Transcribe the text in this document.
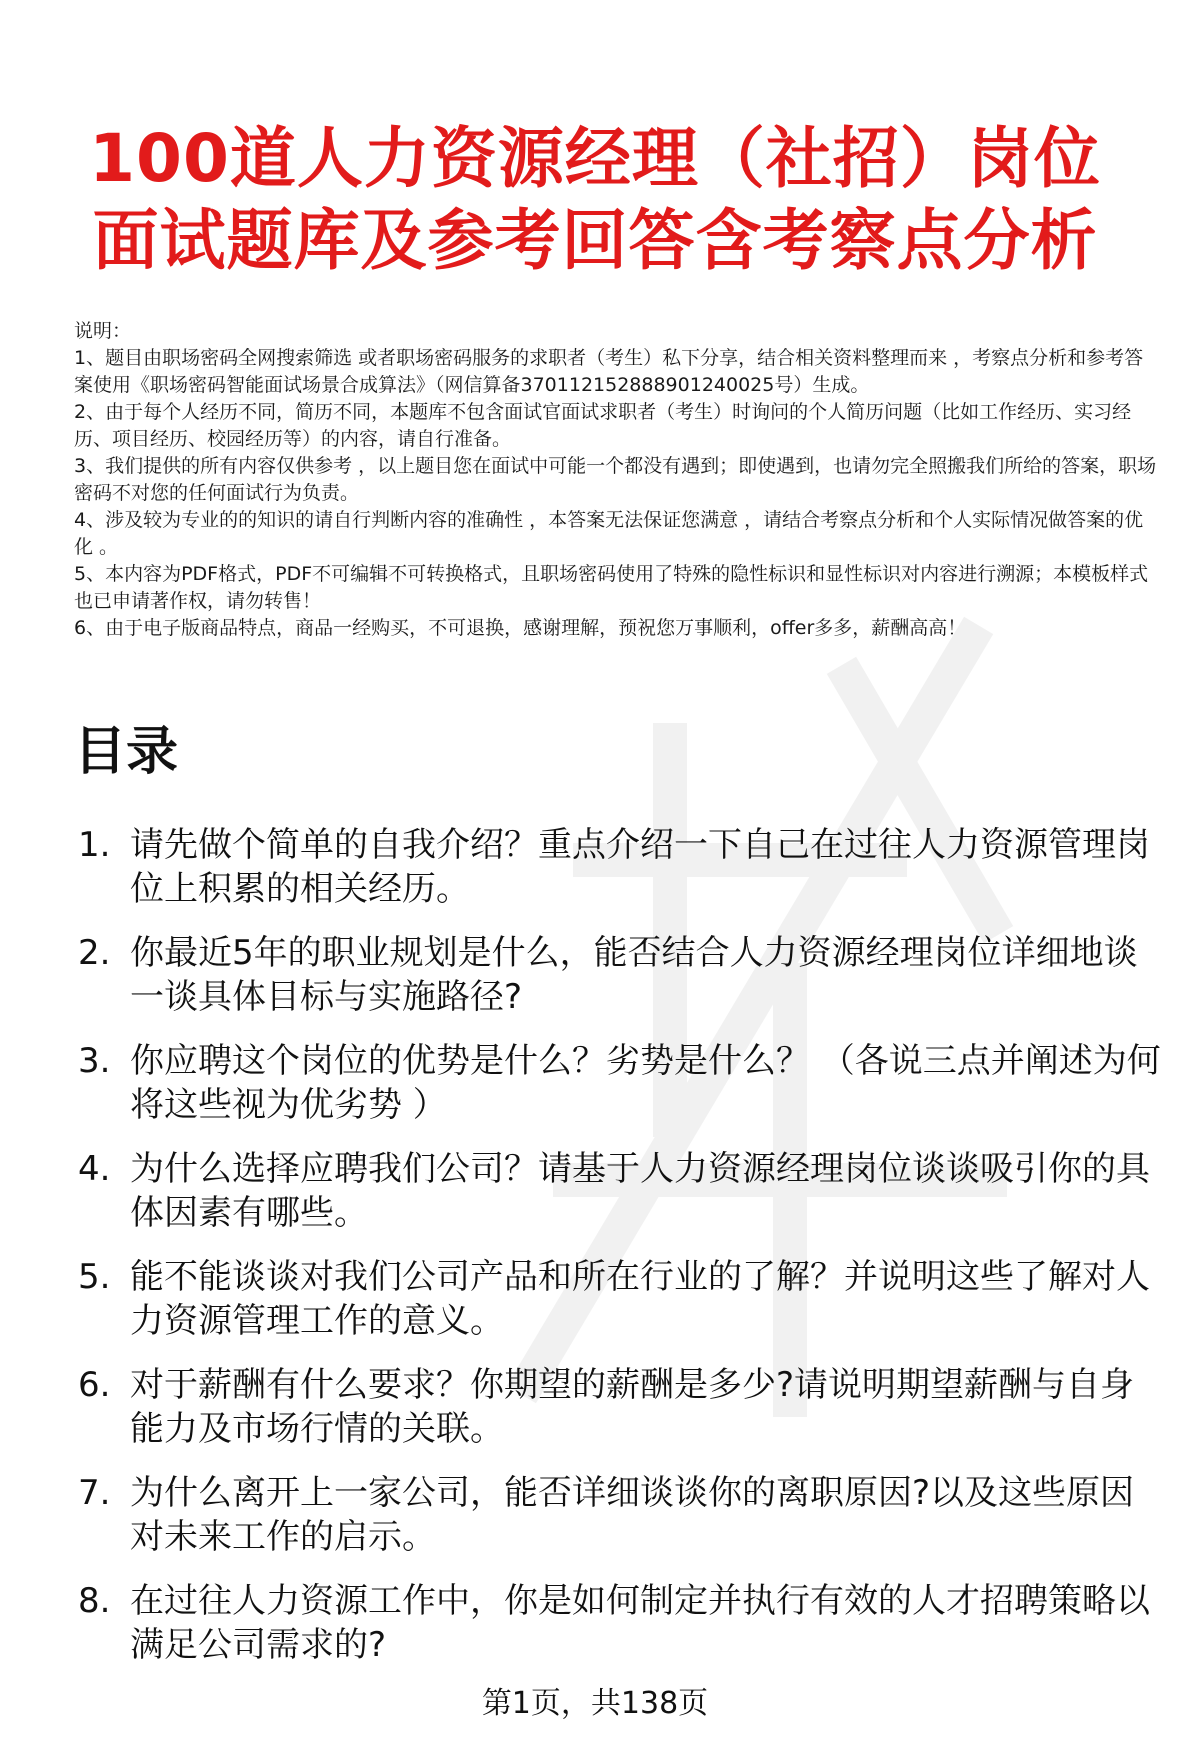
100道人力资源经理（社招）岗位面试题库及参考回答含考察点分析

说明：

1、题目由职场密码全网搜索筛选 或者职场密码服务的求职者（考生）私下分享，结合相关资料整理而来 ，考察点分析和参考答案使用《职场密码智能面试场景合成算法》（网信算备370112152888901240025号）生成。

2、由于每个人经历不同，简历不同，本题库不包含面试官面试求职者（考生）时询问的个人简历问题（比如工作经历、实习经历、项目经历、校园经历等）的内容，请自行准备。

3、我们提供的所有内容仅供参考 ，以上题目您在面试中可能一个都没有遇到；即使遇到，也请勿完全照搬我们所给的答案，职场密码不对您的任何面试行为负责。

4、涉及较为专业的的知识的请自行判断内容的准确性 ，本答案无法保证您满意 ，请结合考察点分析和个人实际情况做答案的优化 。

5、本内容为PDF格式，PDF不可编辑不可转换格式，且职场密码使用了特殊的隐性标识和显性标识对内容进行溯源；本模板样式也已申请著作权，请勿转售！

6、由于电子版商品特点，商品一经购买，不可退换，感谢理解，预祝您万事顺利，offer多多，薪酬高高！

目录
1. 请先做个简单的自我介绍？重点介绍一下自己在过往人力资源管理岗位上积累的相关经历。
2. 你最近5年的职业规划是什么，能否结合人力资源经理岗位详细地谈一谈具体目标与实施路径?
3. 你应聘这个岗位的优势是什么？劣势是什么？ （各说三点并阐述为何将这些视为优劣势 ）
4. 为什么选择应聘我们公司？请基于人力资源经理岗位谈谈吸引你的具体因素有哪些。
5. 能不能谈谈对我们公司产品和所在行业的了解？并说明这些了解对人力资源管理工作的意义。
6. 对于薪酬有什么要求？你期望的薪酬是多少?请说明期望薪酬与自身能力及市场行情的关联。
7. 为什么离开上一家公司，能否详细谈谈你的离职原因?以及这些原因对未来工作的启示。
8. 在过往人力资源工作中，你是如何制定并执行有效的人才招聘策略以满足公司需求的?
第1页，共138页
